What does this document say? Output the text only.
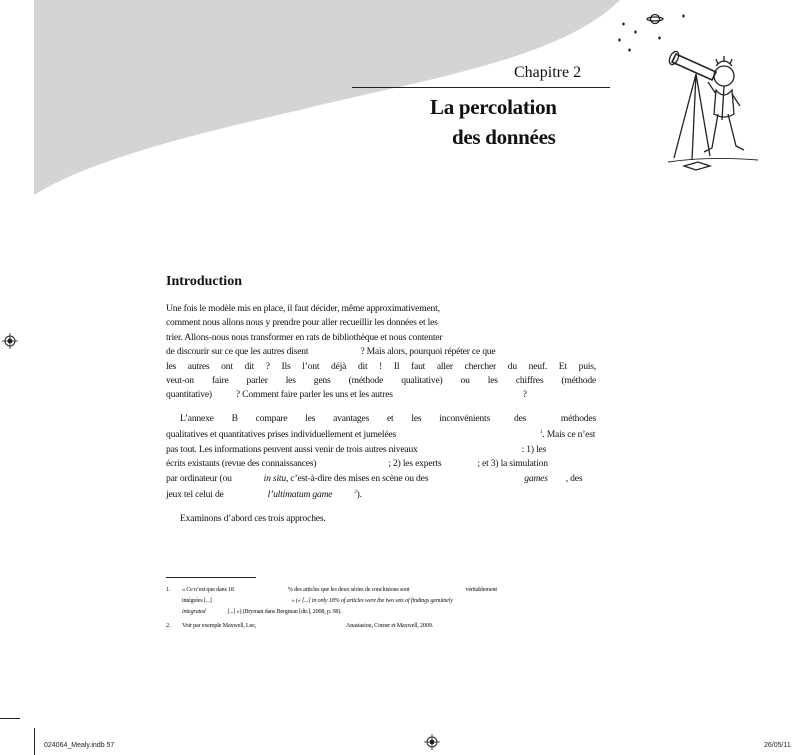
Chapitre 2
La percolation
des données
Introduction

Une fois le modèle mis en place, il faut décider, même approximativement,
comment nous allons nous y prendre pour aller recueillir les données et les
trier. Allons-nous nous transformer en rats de bibliothèque et nous contenter
de discourir sur ce que les autres disent	? Mais alors, pourquoi répéter ce que
les autres ont dit ? Ils l’ont déjà dit ! Il faut aller chercher du neuf. Et puis,
veut-on faire parler les gens (méthode qualitative) ou les chiffres (méthode
quantitative)	? Comment faire parler les uns et les autres	?

L’annexe B compare les avantages et les inconvénients	des méthodes
qualitatives et quantitatives prises individuellement et jumelées	$^1$. Mais ce n’est
pas tout. Les informations peuvent aussi venir de trois autres niveaux	: 1) les
écrits existants (revue des connaissances)	; 2) les experts	; et 3) la simulation
par ordinateur (ou	in situ, c’est-à-dire des mises en scène ou des	games , des
jeux tel celui de	l’ultimatum game	$^2$).

Examinons d’abord ces trois approches.

1.	« Ce n’est que dans 18	% des articles que les deux séries de conclusions sont	véritablement
intégrées [...]	» (« [...] in only 18% of articles were the two sets of findings genuinely
integrated	[...] ») (Bryman dans Bergman [dir.], 2008, p. 98).
2.	Voir par exemple Maxwell, Lee,	Anastasiou, Comer et Maxwell, 2009.
024064_Mealy.indb 57	26/05/11
